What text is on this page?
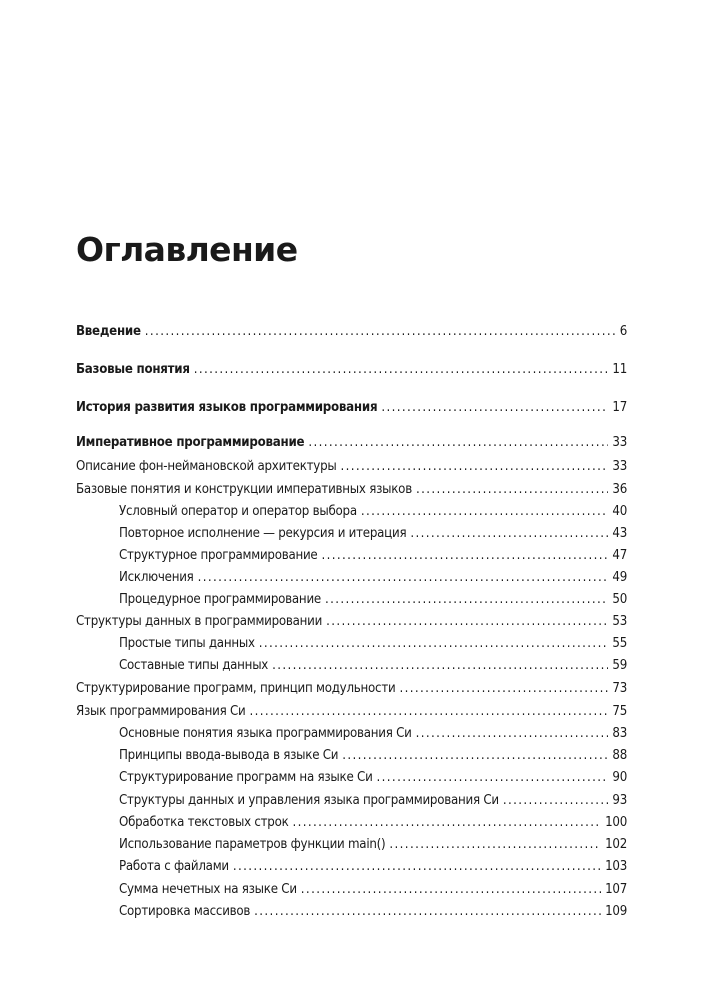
Оглавление
Введение . . .	6
Базовые понятия . . .	11
История развития языков программирования . . .	17
Императивное программирование . . .	33
Описание фон-неймановской архитектуры . . .	33
Базовые понятия и конструкции императивных языков . . .	36
Условный оператор и оператор выбора . . .	40
Повторное исполнение — рекурсия и итерация . . .	43
Структурное программирование . . .	47
Исключения . . .	49
Процедурное программирование . . .	50
Структуры данных в программировании . . .	53
Простые типы данных . . .	55
Составные типы данных . . .	59
Структурирование программ, принцип модульности . . .	73
Язык программирования Си . . .	75
Основные понятия языка программирования Си . . .	83
Принципы ввода-вывода в языке Си . . .	88
Структурирование программ на языке Си . . .	90
Структуры данных и управления языка программирования Си . . .	93
Обработка текстовых строк . . .	100
Использование параметров функции main() . . .	102
Работа с файлами . . .	103
Сумма нечетных на языке Си . . .	107
Сортировка массивов . . .	109
